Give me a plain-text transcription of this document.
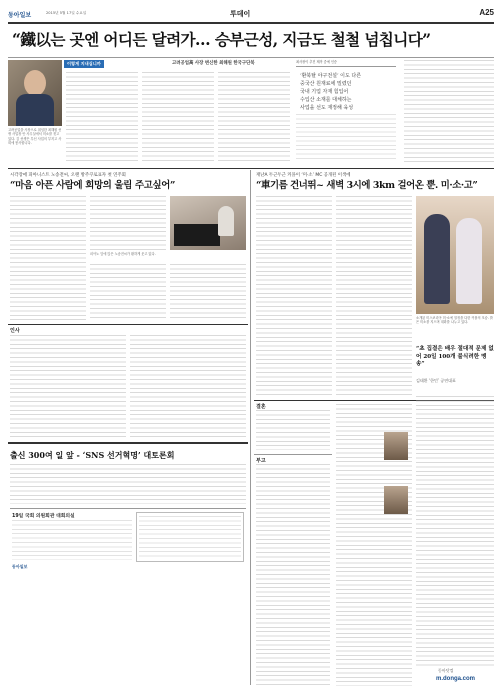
동아일보	2015년 5월 17일 수요일	투데이	A25
“鐵以는 곳엔 어디든 달려가… 승부근성, 지금도 철철 넘칩니다”
이렇게 지내십니까	고려공업高 사장 변신한 최해원 한국구단북
고려공업을 사장으로 취임한 최해원 선생 사업장 안 사무실에서 미소를 짓고 있다. 김 선생은 투신 사업의 부지고 사회에 봉사합니다.
최사장이 추진 제작 중에 인증
‘환북탈 야구전설’ 이도 다른
중국산 원재료에 밀렸던
국내 기업 자재 힘입어
수입산 소재를 대체하는
사업을 선도 재정해 육성
시각장애 피아니스트 노송전씨, 오랜 방주쿠로표자 첫 연주회
“마음 아픈 사람에 희망의 울림 주고싶어”
피아노 앞에 앉은 노송전씨가 환하게 웃고 있다.
인사
출신 300여 일 앞 - ‘SNS 선거혁명’ 대토론회
19일 국회 의원회관 대회의실
동아일보
재난A 두근두근 커플이 ‘미·소’ MC 공개된 이색에
“車기름 건너뛰~ 새벽 3시에 3km 걸어온 뿐. 미·소·고”
소개된 미스코리아 미·소에 열정을 다한 커플의 모습. 밝은 미소를 지으며 대화를 나누고 있다.
“초 집결은 배우 절대적 문제 없어 20일 100개 불식려한 맹송”
김태환 ‘한민’ 공연대표
결혼
부고
동아닷컴
m.donga.com
